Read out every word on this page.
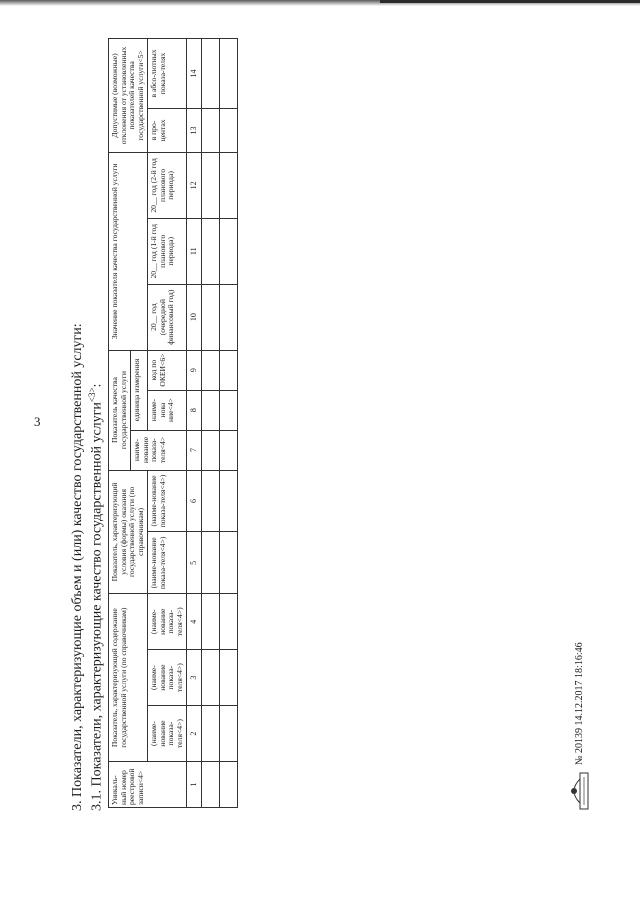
3 3. Показатели, характеризующие объем и (или) качество государственной услуги: 3.1. Показатели, характеризующие качество государственной услуги$^{<3>}$:
Уникаль-ный номер реестровой записи<4>	Показатель, характеризующий содержание государственной услуги (по справочникам)			Показатель, характеризующий условия (формы) оказания государственной услуги (по справочникам)		Показатель качества государственной услуги			Значение показателя качества государственной услуги			Допустимые (возможные) отклонения от установленных показателей качества государственной услуги<5>	
						наиме-нование показа-теля<4>	единица измерения						
	(наиме-нование показа-теля<4>)	(наиме-нование показа-теля<4>)	(наиме-нование показа-теля<4>)	(наиме-нование показа-теля<4>)	(наиме-нование показа-теля<4>)		наиме-нова ние<4>	код по ОКЕИ<6>	20__ год (очередной финансовый год)	20__ год (1-й год планового периода)	20__ год (2-й год планового периода)	в про-центах	в абсо-лютных показа-телях
1	2	3	4	5	6	7	8	9	10	11	12	13	14

№ 20139 14.12.2017 18:16:46
